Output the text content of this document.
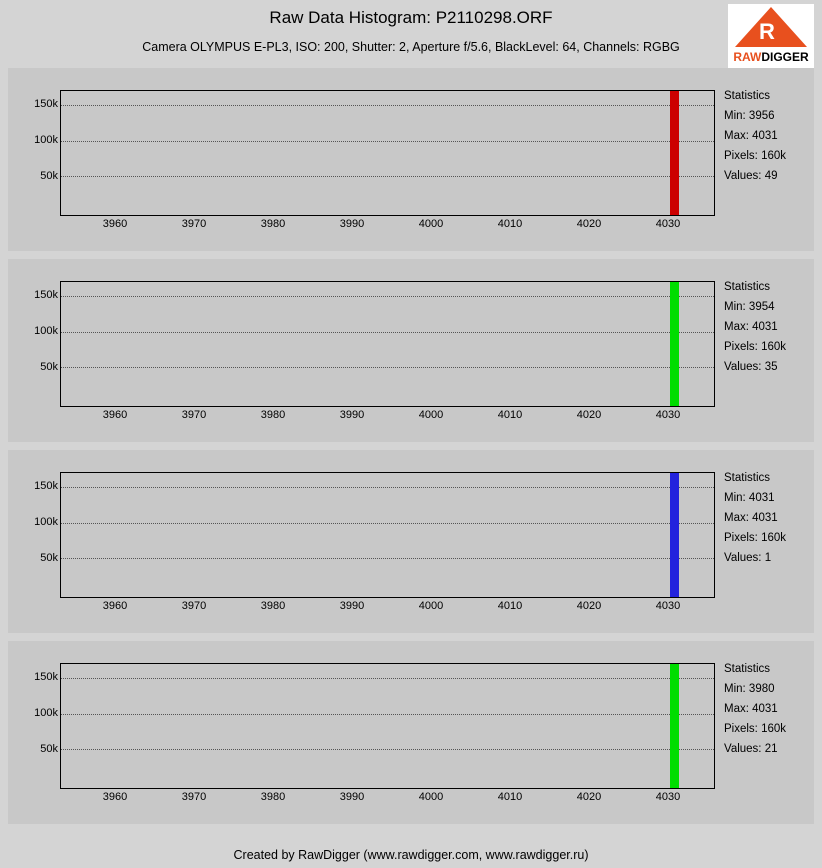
Raw Data Histogram: P2110298.ORF
Camera OLYMPUS E-PL3, ISO: 200, Shutter: 2, Aperture f/5.6, BlackLevel: 64, Channels: RGBG
R
RAWDIGGER
150k
100k
50k
3960	3970	3980	3990	4000	4010	4020	4030
Statistics
Min: 3956
Max: 4031
Pixels: 160k
Values: 49
150k
100k
50k
3960	3970	3980	3990	4000	4010	4020	4030
Statistics
Min: 3954
Max: 4031
Pixels: 160k
Values: 35
150k
100k
50k
3960	3970	3980	3990	4000	4010	4020	4030
Statistics
Min: 4031
Max: 4031
Pixels: 160k
Values: 1
150k
100k
50k
3960	3970	3980	3990	4000	4010	4020	4030
Statistics
Min: 3980
Max: 4031
Pixels: 160k
Values: 21
Created by RawDigger (www.rawdigger.com, www.rawdigger.ru)
